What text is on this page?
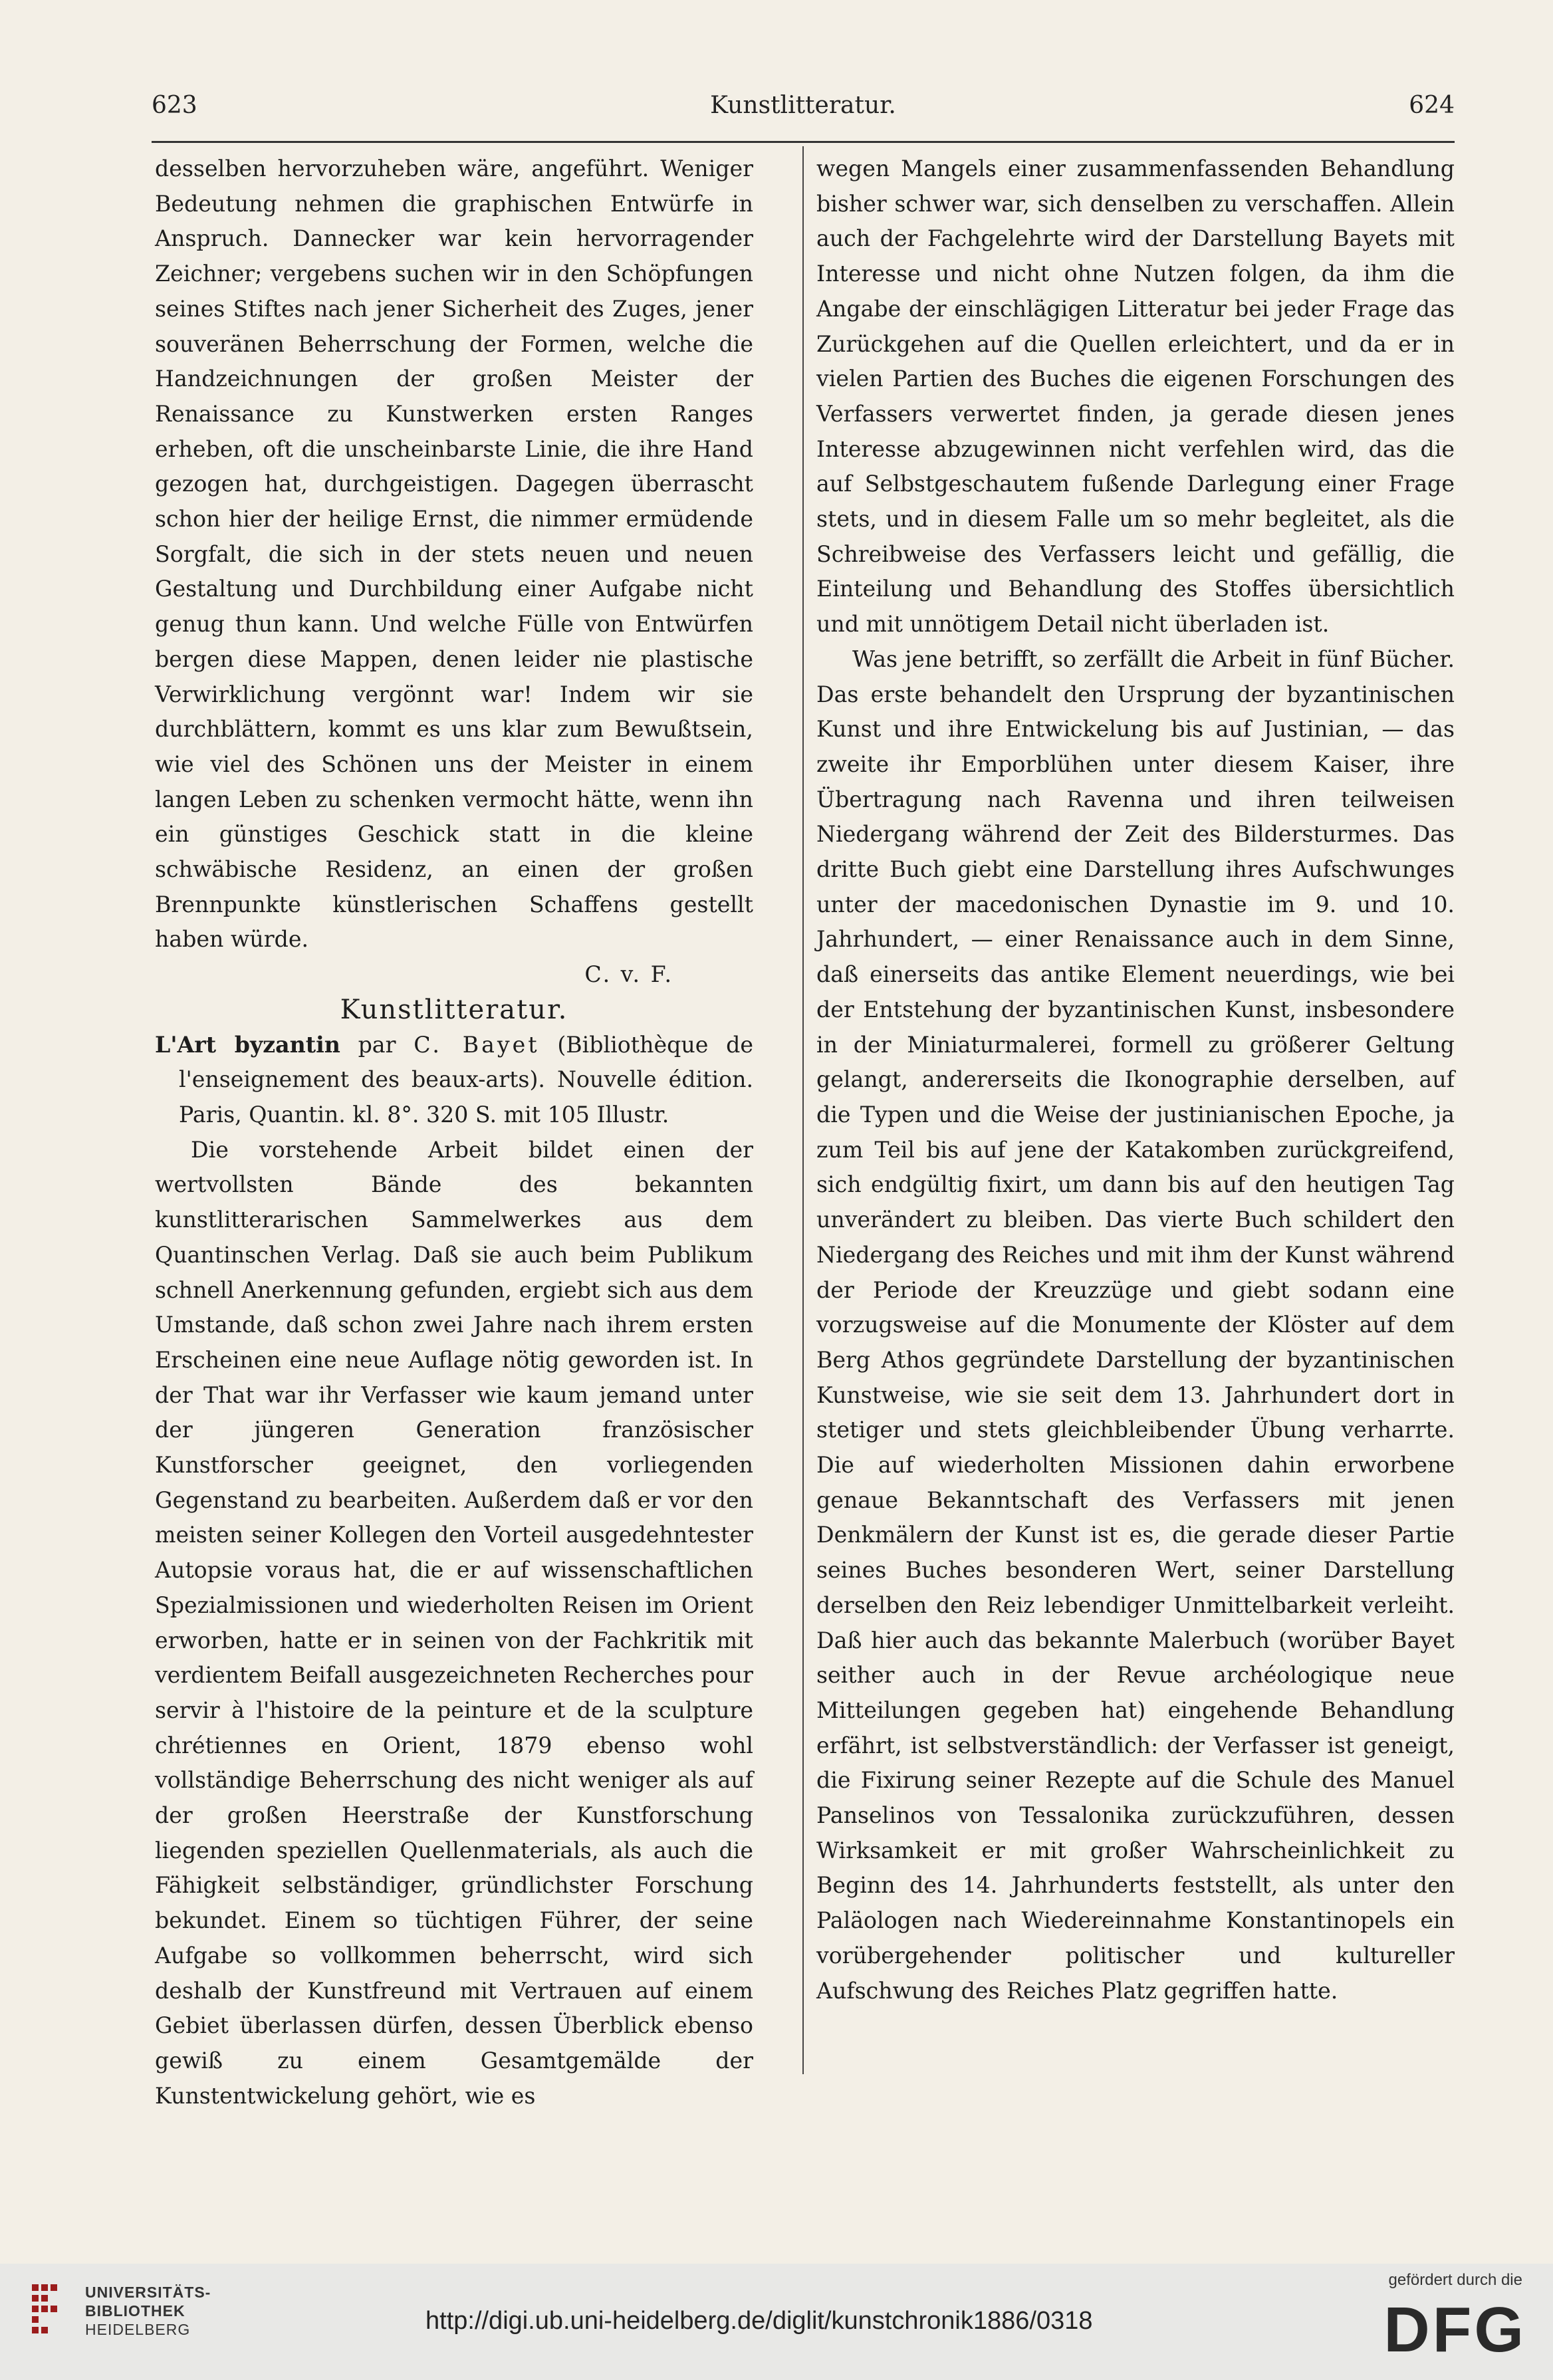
623	Kunstlitteratur.	624

desselben hervorzuheben wäre, angeführt. Weniger Bedeutung nehmen die graphischen Entwürfe in Anspruch. Dannecker war kein hervorragender Zeichner; vergebens suchen wir in den Schöpfungen seines Stiftes nach jener Sicherheit des Zuges, jener souveränen Beherrschung der Formen, welche die Handzeichnungen der großen Meister der Renaissance zu Kunstwerken ersten Ranges erheben, oft die unscheinbarste Linie, die ihre Hand gezogen hat, durchgeistigen. Dagegen überrascht schon hier der heilige Ernst, die nimmer ermüdende Sorgfalt, die sich in der stets neuen und neuen Gestaltung und Durchbildung einer Aufgabe nicht genug thun kann. Und welche Fülle von Entwürfen bergen diese Mappen, denen leider nie plastische Verwirklichung vergönnt war! Indem wir sie durchblättern, kommt es uns klar zum Bewußtsein, wie viel des Schönen uns der Meister in einem langen Leben zu schenken vermocht hätte, wenn ihn ein günstiges Geschick statt in die kleine schwäbische Residenz, an einen der großen Brennpunkte künstlerischen Schaffens gestellt haben würde.

C. v. F.

Kunstlitteratur.

L'Art byzantin par C. Bayet (Bibliothèque de l'enseignement des beaux-arts). Nouvelle édition. Paris, Quantin. kl. 8°. 320 S. mit 105 Illustr.

Die vorstehende Arbeit bildet einen der wertvollsten Bände des bekannten kunstlitterarischen Sammelwerkes aus dem Quantinschen Verlag. Daß sie auch beim Publikum schnell Anerkennung gefunden, ergiebt sich aus dem Umstande, daß schon zwei Jahre nach ihrem ersten Erscheinen eine neue Auflage nötig geworden ist. In der That war ihr Verfasser wie kaum jemand unter der jüngeren Generation französischer Kunstforscher geeignet, den vorliegenden Gegenstand zu bearbeiten. Außerdem daß er vor den meisten seiner Kollegen den Vorteil ausgedehntester Autopsie voraus hat, die er auf wissenschaftlichen Spezialmissionen und wiederholten Reisen im Orient erworben, hatte er in seinen von der Fachkritik mit verdientem Beifall ausgezeichneten Recherches pour servir à l'histoire de la peinture et de la sculpture chrétiennes en Orient, 1879 ebenso wohl vollständige Beherrschung des nicht weniger als auf der großen Heerstraße der Kunstforschung liegenden speziellen Quellenmaterials, als auch die Fähigkeit selbständiger, gründlichster Forschung bekundet. Einem so tüchtigen Führer, der seine Aufgabe so vollkommen beherrscht, wird sich deshalb der Kunstfreund mit Vertrauen auf einem Gebiet überlassen dürfen, dessen Überblick ebenso gewiß zu einem Gesamtgemälde der Kunstentwickelung gehört, wie es

wegen Mangels einer zusammenfassenden Behandlung bisher schwer war, sich denselben zu verschaffen. Allein auch der Fachgelehrte wird der Darstellung Bayets mit Interesse und nicht ohne Nutzen folgen, da ihm die Angabe der einschlägigen Litteratur bei jeder Frage das Zurückgehen auf die Quellen erleichtert, und da er in vielen Partien des Buches die eigenen Forschungen des Verfassers verwertet finden, ja gerade diesen jenes Interesse abzugewinnen nicht verfehlen wird, das die auf Selbstgeschautem fußende Darlegung einer Frage stets, und in diesem Falle um so mehr begleitet, als die Schreibweise des Verfassers leicht und gefällig, die Einteilung und Behandlung des Stoffes übersichtlich und mit unnötigem Detail nicht überladen ist.

Was jene betrifft, so zerfällt die Arbeit in fünf Bücher. Das erste behandelt den Ursprung der byzantinischen Kunst und ihre Entwickelung bis auf Justinian, — das zweite ihr Emporblühen unter diesem Kaiser, ihre Übertragung nach Ravenna und ihren teilweisen Niedergang während der Zeit des Bildersturmes. Das dritte Buch giebt eine Darstellung ihres Aufschwunges unter der macedonischen Dynastie im 9. und 10. Jahrhundert, — einer Renaissance auch in dem Sinne, daß einerseits das antike Element neuerdings, wie bei der Entstehung der byzantinischen Kunst, insbesondere in der Miniaturmalerei, formell zu größerer Geltung gelangt, andererseits die Ikonographie derselben, auf die Typen und die Weise der justinianischen Epoche, ja zum Teil bis auf jene der Katakomben zurückgreifend, sich endgültig fixirt, um dann bis auf den heutigen Tag unverändert zu bleiben. Das vierte Buch schildert den Niedergang des Reiches und mit ihm der Kunst während der Periode der Kreuzzüge und giebt sodann eine vorzugsweise auf die Monumente der Klöster auf dem Berg Athos gegründete Darstellung der byzantinischen Kunstweise, wie sie seit dem 13. Jahrhundert dort in stetiger und stets gleichbleibender Übung verharrte. Die auf wiederholten Missionen dahin erworbene genaue Bekanntschaft des Verfassers mit jenen Denkmälern der Kunst ist es, die gerade dieser Partie seines Buches besonderen Wert, seiner Darstellung derselben den Reiz lebendiger Unmittelbarkeit verleiht. Daß hier auch das bekannte Malerbuch (worüber Bayet seither auch in der Revue archéologique neue Mitteilungen gegeben hat) eingehende Behandlung erfährt, ist selbstverständlich: der Verfasser ist geneigt, die Fixirung seiner Rezepte auf die Schule des Manuel Panselinos von Tessalonika zurückzuführen, dessen Wirksamkeit er mit großer Wahrscheinlichkeit zu Beginn des 14. Jahrhunderts feststellt, als unter den Paläologen nach Wiedereinnahme Konstantinopels ein vorübergehender politischer und kultureller Aufschwung des Reiches Platz gegriffen hatte.

UNIVERSITÄTS-
BIBLIOTHEK
HEIDELBERG	http://digi.ub.uni-heidelberg.de/diglit/kunstchronik1886/0318
gefördert durch die
DFG
